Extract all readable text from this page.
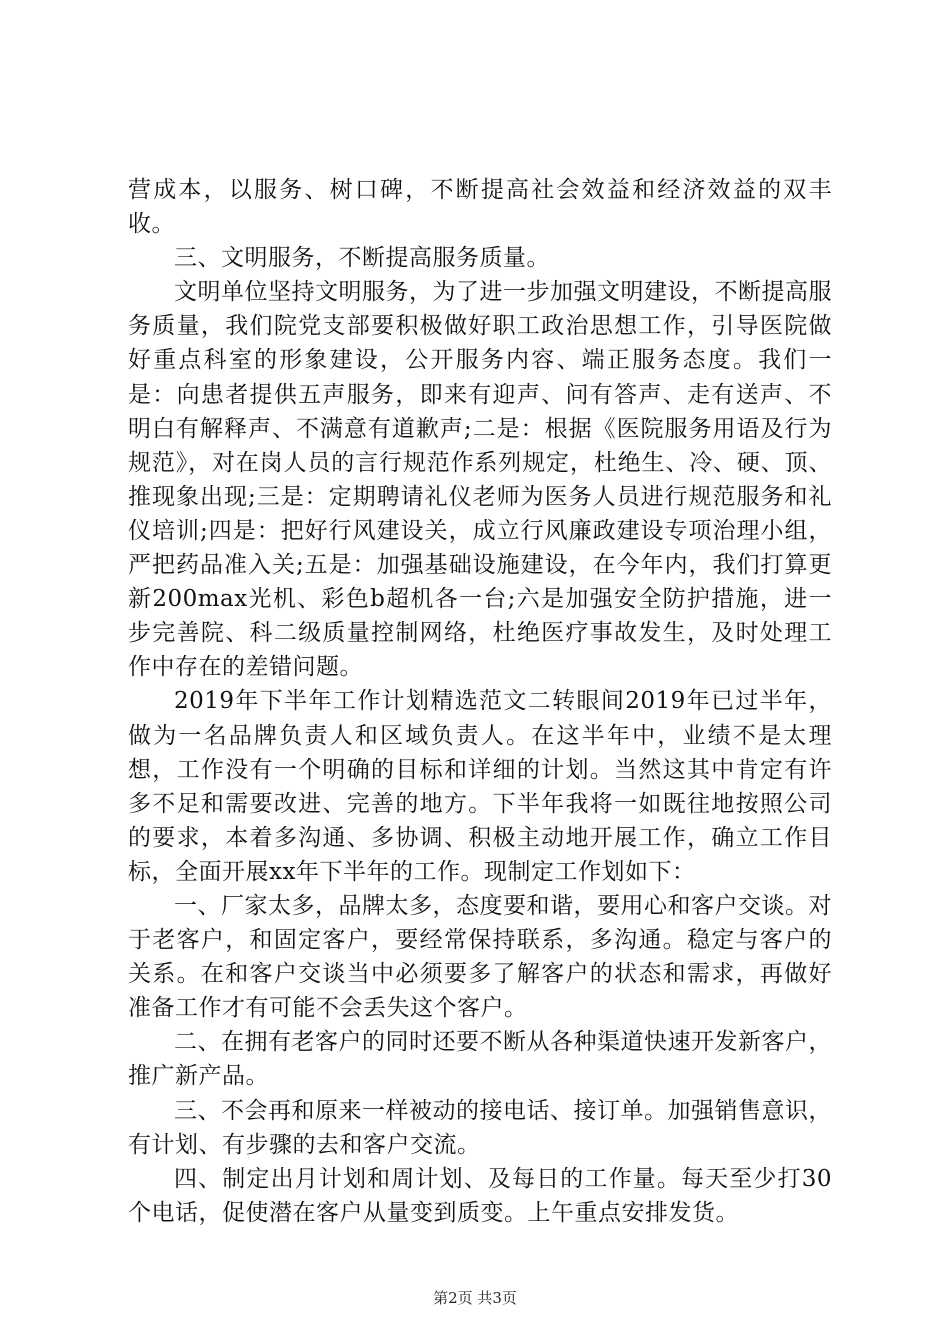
营成本，以服务、树口碑，不断提高社会效益和经济效益的双丰收。

三、文明服务，不断提高服务质量。

文明单位坚持文明服务，为了进一步加强文明建设，不断提高服务质量，我们院党支部要积极做好职工政治思想工作，引导医院做好重点科室的形象建设，公开服务内容、端正服务态度。我们一是：向患者提供五声服务，即来有迎声、问有答声、走有送声、不明白有解释声、不满意有道歉声;二是：根据《医院服务用语及行为规范》，对在岗人员的言行规范作系列规定，杜绝生、冷、硬、顶、推现象出现;三是：定期聘请礼仪老师为医务人员进行规范服务和礼仪培训;四是：把好行风建设关，成立行风廉政建设专项治理小组，严把药品准入关;五是：加强基础设施建设，在今年内，我们打算更新200max光机、彩色b超机各一台;六是加强安全防护措施，进一步完善院、科二级质量控制网络，杜绝医疗事故发生，及时处理工作中存在的差错问题。

2019年下半年工作计划精选范文二转眼间2019年已过半年，做为一名品牌负责人和区域负责人。在这半年中，业绩不是太理想，工作没有一个明确的目标和详细的计划。当然这其中肯定有许多不足和需要改进、完善的地方。下半年我将一如既往地按照公司的要求，本着多沟通、多协调、积极主动地开展工作，确立工作目标，全面开展xx年下半年的工作。现制定工作划如下：

一、厂家太多，品牌太多，态度要和谐，要用心和客户交谈。对于老客户，和固定客户，要经常保持联系，多沟通。稳定与客户的关系。在和客户交谈当中必须要多了解客户的状态和需求，再做好准备工作才有可能不会丢失这个客户。

二、在拥有老客户的同时还要不断从各种渠道快速开发新客户，推广新产品。

三、不会再和原来一样被动的接电话、接订单。加强销售意识，有计划、有步骤的去和客户交流。

四、制定出月计划和周计划、及每日的工作量。每天至少打30个电话，促使潜在客户从量变到质变。上午重点安排发货。

第2页 共3页
